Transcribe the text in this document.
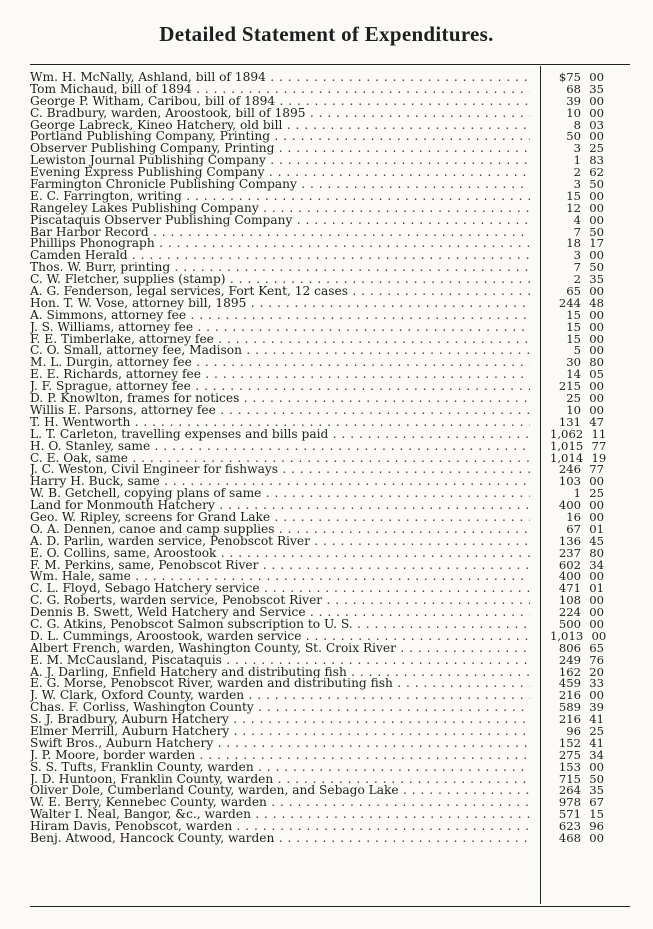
Detailed Statement of Expenditures.
Wm. H. McNally, Ashland, bill of 1894 . . .	$75 00
Tom Michaud, bill of 1894 . . .	68 35
George P. Witham, Caribou, bill of 1894 . . .	39 00
C. Bradbury, warden, Aroostook, bill of 1895 . . .	10 00
George Labreck, Kineo Hatchery, old bill . . .	8 03
Portland Publishing Company, Printing . . .	50 00
Observer Publishing Company, Printing . . .	3 25
Lewiston Journal Publishing Company . . .	1 83
Evening Express Publishing Company . . .	2 62
Farmington Chronicle Publishing Company . . .	3 50
E. C. Farrington, writing . . .	15 00
Rangeley Lakes Publishing Company . . .	12 00
Piscataquis Observer Publishing Company . . .	4 00
Bar Harbor Record . . .	7 50
Phillips Phonograph . . .	18 17
Camden Herald . . .	3 00
Thos. W. Burr, printing . . .	7 50
C. W. Fletcher, supplies (stamp) . . .	2 35
A. G. Fenderson, legal services, Fort Kent, 12 cases . . .	65 00
Hon. T. W. Vose, attorney bill, 1895 . . .	244 48
A. Simmons, attorney fee . . .	15 00
J. S. Williams, attorney fee . . .	15 00
F. E. Timberlake, attorney fee . . .	15 00
C. O. Small, attorney fee, Madison . . .	5 00
M. L. Durgin, attorney fee . . .	30 80
E. E. Richards, attorney fee . . .	14 05
J. F. Sprague, attorney fee . . .	215 00
D. P. Knowlton, frames for notices . . .	25 00
Willis E. Parsons, attorney fee . . .	10 00
T. H. Wentworth . . .	131 47
L. T. Carleton, travelling expenses and bills paid . . .	1,062 11
H. O. Stanley, same . . .	1,015 77
C. E. Oak, same . . .	1,014 19
J. C. Weston, Civil Engineer for fishways . . .	246 77
Harry H. Buck, same . . .	103 00
W. B. Getchell, copying plans of same . . .	1 25
Land for Monmouth Hatchery . . .	400 00
Geo. W. Ripley, screens for Grand Lake . . .	16 00
O. A. Dennen, canoe and camp supplies . . .	67 01
A. D. Parlin, warden service, Penobscot River . . .	136 45
E. O. Collins, same, Aroostook . . .	237 80
F. M. Perkins, same, Penobscot River . . .	602 34
Wm. Hale, same . . .	400 00
C. L. Floyd, Sebago Hatchery service . . .	471 01
C. G. Roberts, warden service, Penobscot River . . .	108 00
Dennis B. Swett, Weld Hatchery and Service . . .	224 00
C. G. Atkins, Penobscot Salmon subscription to U. S. . . .	500 00
D. L. Cummings, Aroostook, warden service . . .	1,013 00
Albert French, warden, Washington County, St. Croix River . . .	806 65
E. M. McCausland, Piscataquis . . .	249 76
A. J. Darling, Enfield Hatchery and distributing fish . . .	162 20
E. G. Morse, Penobscot River, warden and distributing fish . . .	459 33
J. W. Clark, Oxford County, warden . . .	216 00
Chas. F. Corliss, Washington County . . .	589 39
S. J. Bradbury, Auburn Hatchery . . .	216 41
Elmer Merrill, Auburn Hatchery . . .	96 25
Swift Bros., Auburn Hatchery . . .	152 41
J. P. Moore, border warden . . .	275 34
S. S. Tufts, Franklin County, warden . . .	153 00
J. D. Huntoon, Franklin County, warden . . .	715 50
Oliver Dole, Cumberland County, warden, and Sebago Lake . . .	264 35
W. E. Berry, Kennebec County, warden . . .	978 67
Walter I. Neal, Bangor, &c., warden . . .	571 15
Hiram Davis, Penobscot, warden . . .	623 96
Benj. Atwood, Hancock County, warden . . .	468 00
